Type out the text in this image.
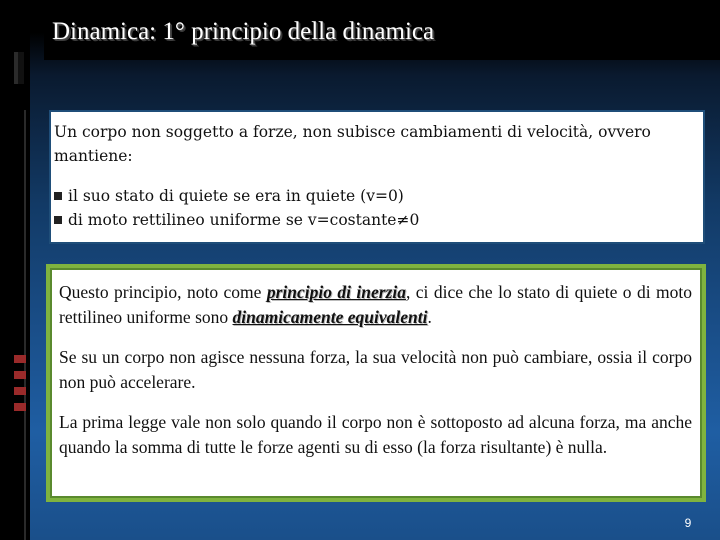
Dinamica: 1° principio della dinamica

Un corpo non soggetto a forze, non subisce cambiamenti di velocità, ovvero mantiene:

il suo stato di quiete se era in quiete (v=0)
di moto rettilineo uniforme se v=costante≠0

Questo principio, noto come principio di inerzia, ci dice che lo stato di quiete o di moto rettilineo uniforme sono dinamicamente equivalenti.

Se su un corpo non agisce nessuna forza, la sua velocità non può cambiare, ossia il corpo non può accelerare.

La prima legge vale non solo quando il corpo non è sottoposto ad alcuna forza, ma anche quando la somma di tutte le forze agenti su di esso (la forza risultante) è nulla.

9
